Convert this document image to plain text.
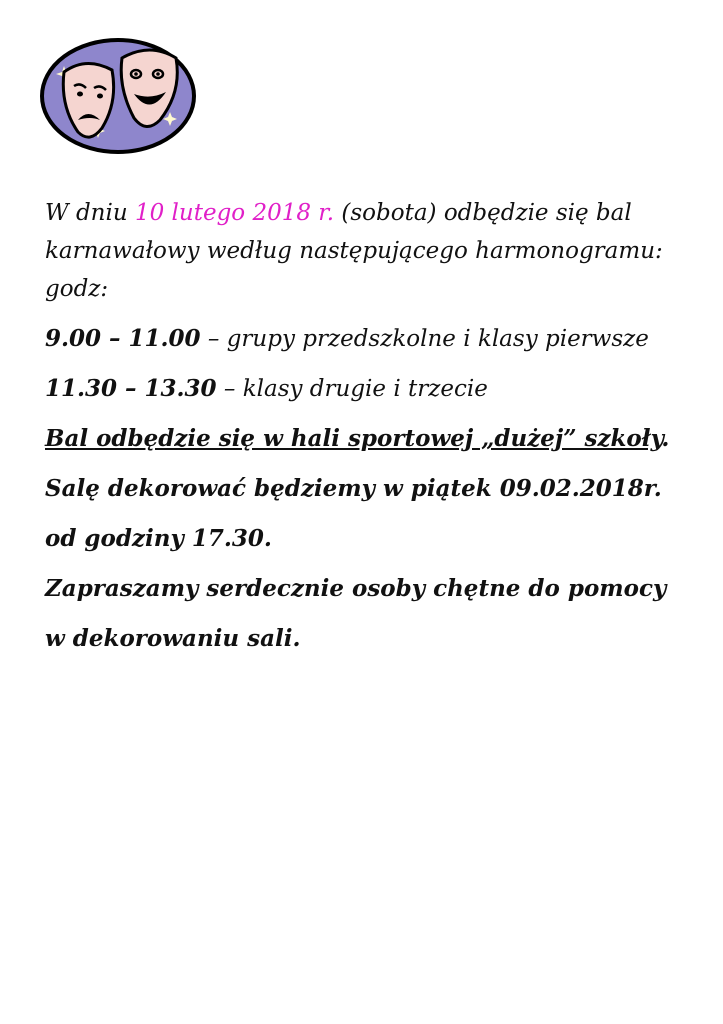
W dniu 10 lutego 2018 r. (sobota) odbędzie się bal karnawałowy według następującego harmonogramu: godz:

9.00 – 11.00 – grupy przedszkolne i klasy pierwsze

11.30 – 13.30 – klasy drugie i trzecie

Bal odbędzie się w hali sportowej „dużej” szkoły.

Salę dekorować będziemy w piątek 09.02.2018r.

od godziny 17.30.

Zapraszamy serdecznie osoby chętne do pomocy

w dekorowaniu sali.
